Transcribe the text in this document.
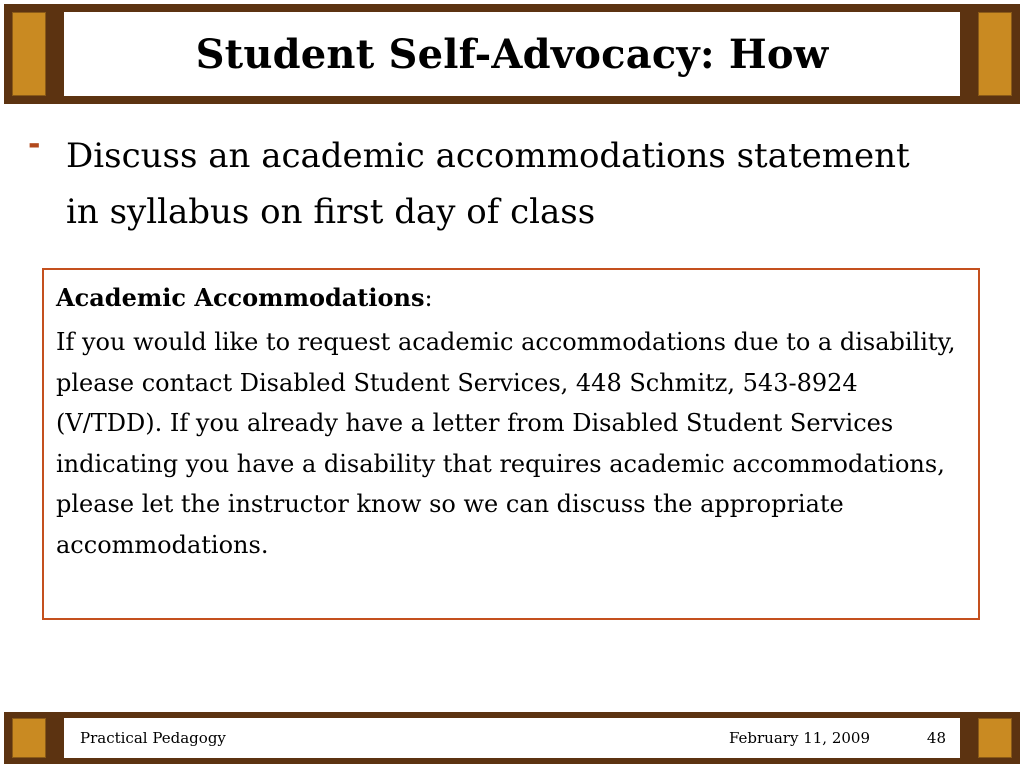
Student Self-Advocacy: How
- Discuss an academic accommodations statement in syllabus on first day of class

Academic Accommodations:

If you would like to request academic accommodations due to a disability, please contact Disabled Student Services, 448 Schmitz, 543-8924 (V/TDD). If you already have a letter from Disabled Student Services indicating you have a disability that requires academic accommodations, please let the instructor know so we can discuss the appropriate accommodations.

Practical Pedagogy	February 11, 2009	48
